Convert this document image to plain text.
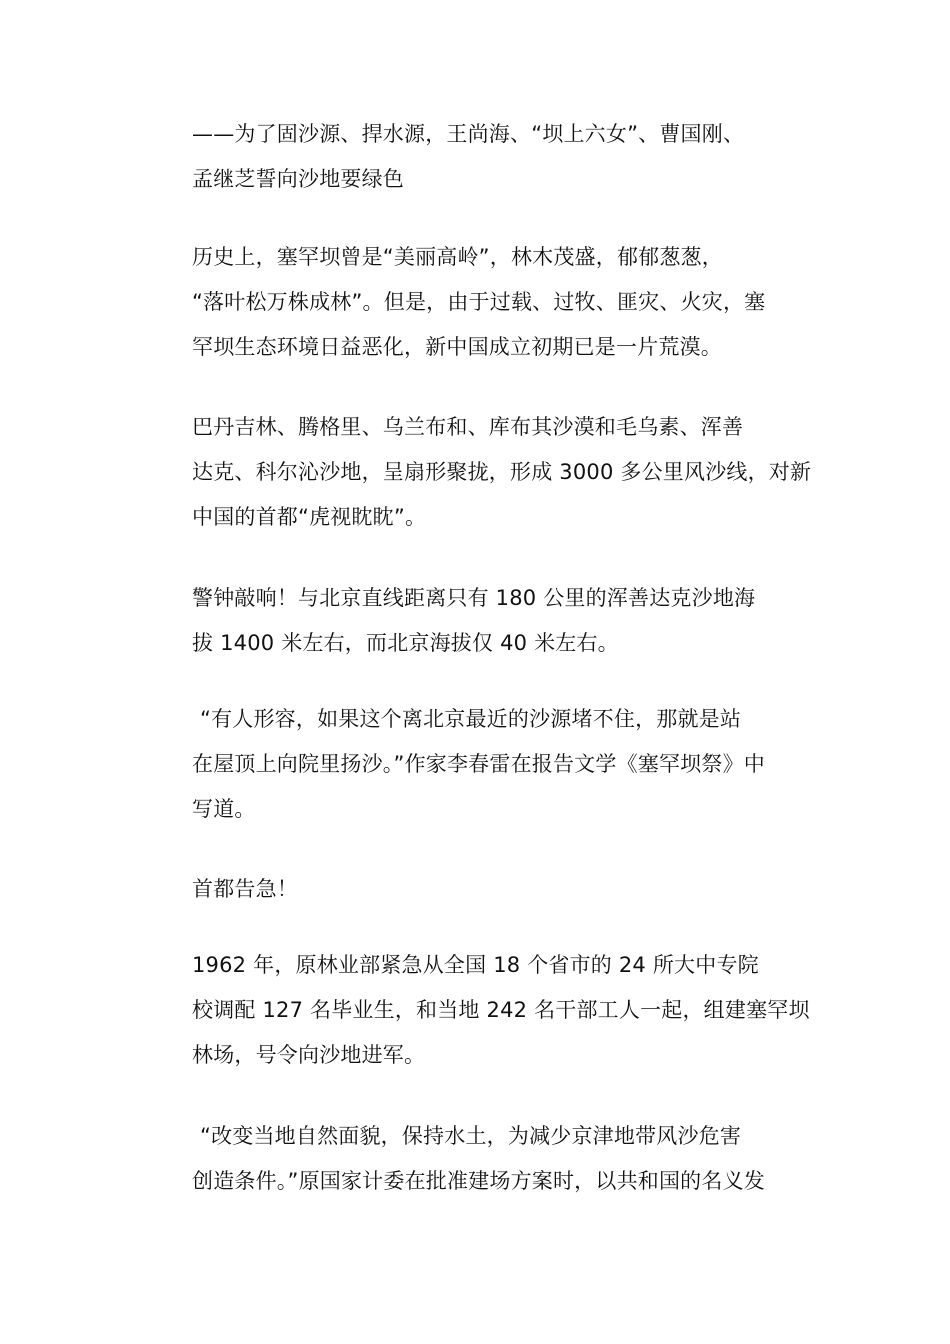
——为了固沙源、捍水源，王尚海、“坝上六女”、曹国刚、
孟继芝誓向沙地要绿色

历史上，塞罕坝曾是“美丽高岭”，林木茂盛，郁郁葱葱，
“落叶松万株成林”。但是，由于过载、过牧、匪灾、火灾，塞
罕坝生态环境日益恶化，新中国成立初期已是一片荒漠。

巴丹吉林、腾格里、乌兰布和、库布其沙漠和毛乌素、浑善
达克、科尔沁沙地，呈扇形聚拢，形成 3000 多公里风沙线，对新
中国的首都“虎视眈眈”。

警钟敲响！与北京直线距离只有 180 公里的浑善达克沙地海
拔 1400 米左右，而北京海拔仅 40 米左右。

“有人形容，如果这个离北京最近的沙源堵不住，那就是站
在屋顶上向院里扬沙。”作家李春雷在报告文学《塞罕坝祭》中
写道。

首都告急！

1962 年，原林业部紧急从全国 18 个省市的 24 所大中专院
校调配 127 名毕业生，和当地 242 名干部工人一起，组建塞罕坝
林场，号令向沙地进军。

“改变当地自然面貌，保持水土，为减少京津地带风沙危害
创造条件。”原国家计委在批准建场方案时，以共和国的名义发
